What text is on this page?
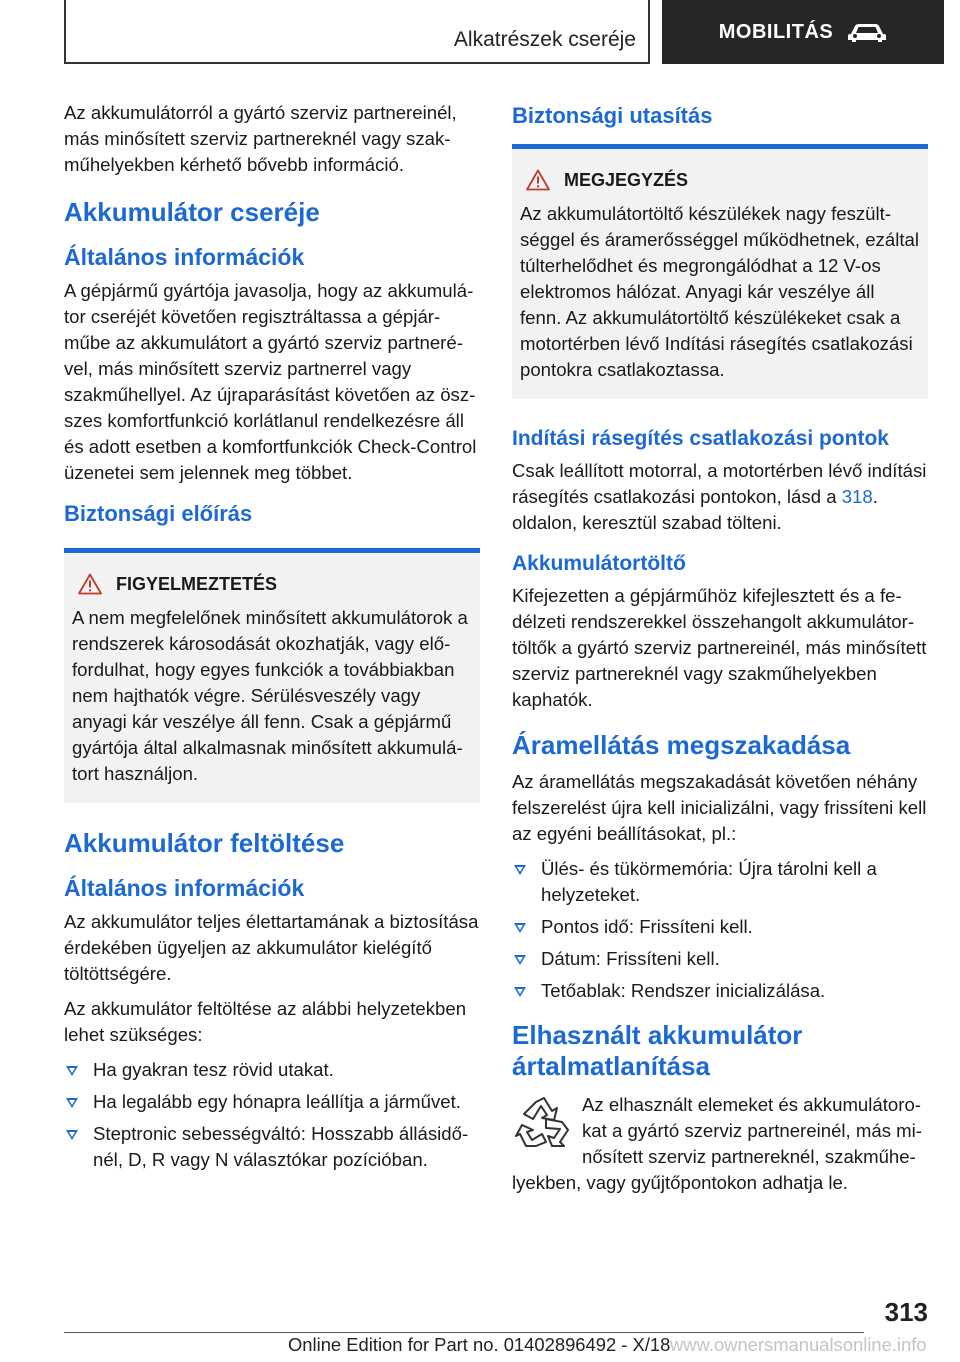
Alkatrészek cseréje	MOBILITÁS

Az akkumulátorról a gyártó szerviz partnereinél, más minősített szerviz partnereknél vagy szakműhelyekben kérhető bővebb információ.

Akkumulátor cseréje
Általános információk

A gépjármű gyártója javasolja, hogy az akkumulátor cseréjét követően regisztráltassa a gépjárműbe az akkumulátort a gyártó szerviz partnerével, más minősített szerviz partnerrel vagy szakműhellyel. Az újraparásítást követően az öszszes komfortfunkció korlátlanul rendelkezésre áll és adott esetben a komfortfunkciók Check-Control üzenetei sem jelennek meg többet.

Biztonsági előírás
FIGYELMEZTETÉS

A nem megfelelőnek minősített akkumulátorok a rendszerek károsodását okozhatják, vagy előfordulhat, hogy egyes funkciók a továbbiakban nem hajthatók végre. Sérülésveszély vagy anyagi kár veszélye áll fenn. Csak a gépjármű gyártója által alkalmasnak minősített akkumulátort használjon.

Akkumulátor feltöltése
Általános információk

Az akkumulátor teljes élettartamának a biztosítása érdekében ügyeljen az akkumulátor kielégítő töltöttségére.

Az akkumulátor feltöltése az alábbi helyzetekben lehet szükséges:

Ha gyakran tesz rövid utakat.
Ha legalább egy hónapra leállítja a járművet.
Steptronic sebességváltó: Hosszabb állásidőnél, D, R vagy N választókar pozícióban.
Biztonsági utasítás
MEGJEGYZÉS

Az akkumulátortöltő készülékek nagy feszültséggel és áramerősséggel működhetnek, ezáltal túlterhelődhet és megrongálódhat a 12 V-os elektromos hálózat. Anyagi kár veszélye áll fenn. Az akkumulátortöltő készülékeket csak a motortérben lévő Indítási rásegítés csatlakozási pontokra csatlakoztassa.

Indítási rásegítés csatlakozási pontok

Csak leállított motorral, a motortérben lévő indítási rásegítés csatlakozási pontokon, lásd a 318. oldalon, keresztül szabad tölteni.

Akkumulátortöltő

Kifejezetten a gépjárműhöz kifejlesztett és a fedélzeti rendszerekkel összehangolt akkumulátortöltők a gyártó szerviz partnereinél, más minősített szerviz partnereknél vagy szakműhelyekben kaphatók.

Áramellátás megszakadása

Az áramellátás megszakadását követően néhány felszerelést újra kell inicializálni, vagy frissíteni kell az egyéni beállításokat, pl.:

Ülés- és tükörmemória: Újra tárolni kell a helyzeteket.
Pontos idő: Frissíteni kell.
Dátum: Frissíteni kell.
Tetőablak: Rendszer inicializálása.
Elhasznált akkumulátor ártalmatlanítása

Az elhasznált elemeket és akkumulátorokat a gyártó szerviz partnereinél, más minősített szerviz partnereknél, szakműhelyekben, vagy gyűjtőpontokon adhatja le.

313
Online Edition for Part no. 01402896492 - X/18 www.ownersmanualsonline.info
